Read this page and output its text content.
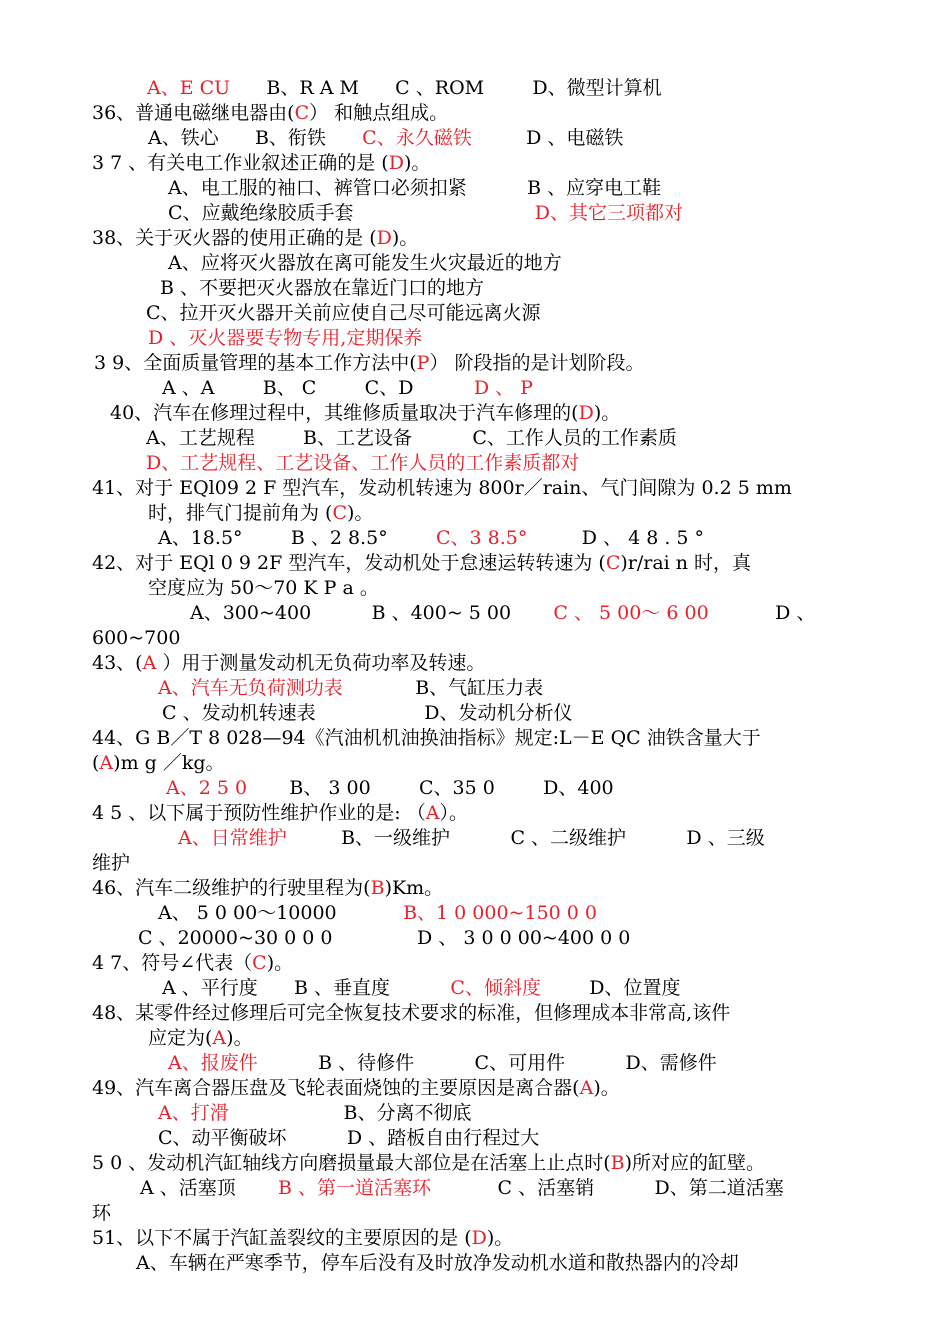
A、E CU      B、R A M      C 、ROM        D、微型计算机
36、普通电磁继电器由(C） 和触点组成。
A、铁心      B、衔铁      C、永久磁铁         D 、电磁铁
3 7 、有关电工作业叙述正确的是 (D)。
A、电工服的袖口、裤管口必须扣紧          B 、应穿电工鞋
C、应戴绝缘胶质手套                              D、其它三项都对
38、关于灭火器的使用正确的是 (D)。
A、应将灭火器放在离可能发生火灾最近的地方
B 、不要把灭火器放在靠近门口的地方
C、拉开灭火器开关前应使自己尽可能远离火源
D 、灭火器要专物专用,定期保养
3 9、全面质量管理的基本工作方法中(P） 阶段指的是计划阶段。
A 、A        B、 C        C、D          D 、 P
40、汽车在修理过程中，其维修质量取决于汽车修理的(D)。
A、工艺规程        B、工艺设备          C、工作人员的工作素质
D、工艺规程、工艺设备、工作人员的工作素质都对
41、对于 EQl09 2 F 型汽车，发动机转速为 800r／rain、气门间隙为 0.2 5 mm
时，排气门提前角为 (C)。
A、18.5°        B 、2 8.5°        C、3 8.5°         D 、 4 8 . 5 °
42、对于 EQl 0 9 2F 型汽车，发动机处于怠速运转转速为 (C)r/rai n 时，真
空度应为 50～70 K P a 。
A、300~400          B 、400~ 5 00       C 、 5 00～ 6 00           D 、
600~700
43、(A ）用于测量发动机无负荷功率及转速。
A、汽车无负荷测功表            B、气缸压力表
C 、发动机转速表                  D、发动机分析仪
44、G B／T 8 028—94《汽油机机油换油指标》规定:L－E QC 油铁含量大于
(A)m g ／kg。
A、2 5 0       B、 3 00        C、35 0        D、400
4 5 、以下属于预防性维护作业的是: （A）。
A、日常维护         B、一级维护          C 、二级维护          D 、三级
维护
46、汽车二级维护的行驶里程为(B)Km。
A、 5 0 00～10000           B、1 0 000~150 0 0
C 、20000~30 0 0 0              D 、 3 0 0 00~400 0 0
4 7、符号∠代表（C)。
A 、平行度      B 、垂直度          C、倾斜度        D、位置度
48、某零件经过修理后可完全恢复技术要求的标准，但修理成本非常高,该件
应定为(A)。
A、报废件          B 、待修件          C、可用件          D、需修件
49、汽车离合器压盘及飞轮表面烧蚀的主要原因是离合器(A)。
A、打滑                   B、分离不彻底
C、动平衡破坏          D 、踏板自由行程过大
5 0 、发动机汽缸轴线方向磨损量最大部位是在活塞上止点时(B)所对应的缸壁。
A 、活塞顶       B 、第一道活塞环           C 、活塞销          D、第二道活塞
环
51、以下不属于汽缸盖裂纹的主要原因的是 (D)。
A、车辆在严寒季节，停车后没有及时放净发动机水道和散热器内的冷却
